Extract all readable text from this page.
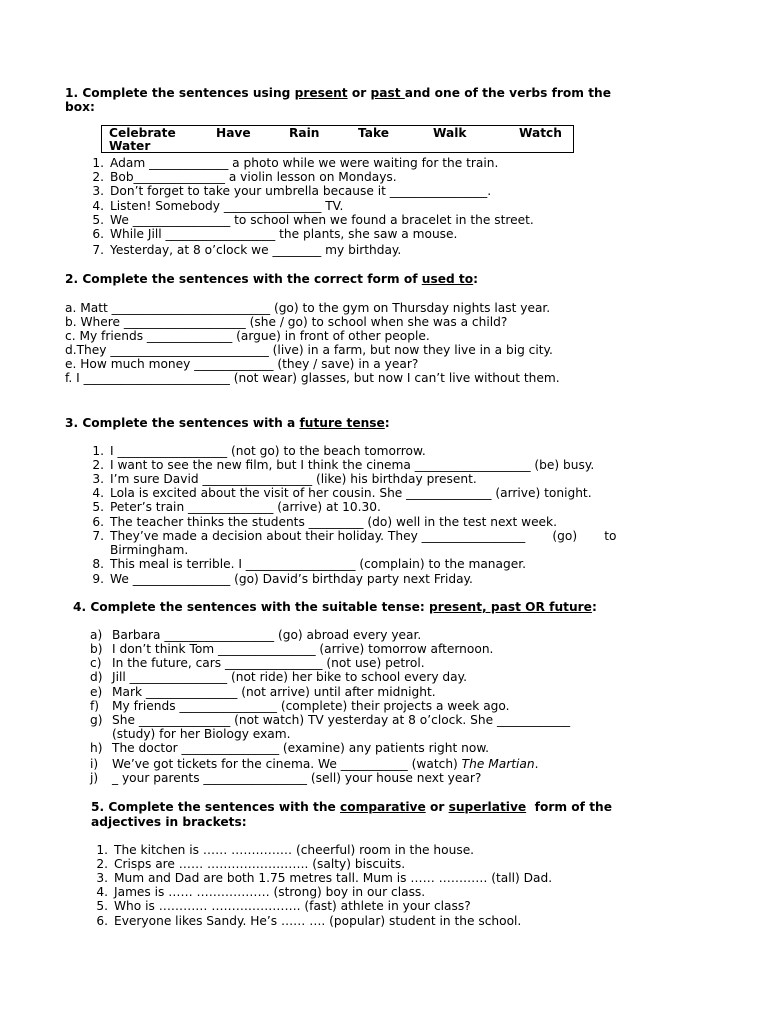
1. Complete the sentences using present or past and one of the verbs from the
box:
Celebrate	Have	Rain	Take	Walk	Watch
Water
1. Adam _____________ a photo while we were waiting for the train.
2. Bob_______________ a violin lesson on Mondays.
3. Don’t forget to take your umbrella because it ________________.
4. Listen! Somebody ________________ TV.
5. We ________________ to school when we found a bracelet in the street.
6. While Jill __________________ the plants, she saw a mouse.
7. Yesterday, at 8 o’clock we ________ my birthday.
2. Complete the sentences with the correct form of used to:
a. Matt __________________________ (go) to the gym on Thursday nights last year.
b. Where ____________________ (she / go) to school when she was a child?
c. My friends ______________ (argue) in front of other people.
d.They __________________________ (live) in a farm, but now they live in a big city.
e. How much money _____________ (they / save) in a year?
f. I ________________________ (not wear) glasses, but now I can’t live without them.
3. Complete the sentences with a future tense:
1. I __________________ (not go) to the beach tomorrow.
2. I want to see the new film, but I think the cinema ___________________ (be) busy.
3. I’m sure David __________________ (like) his birthday present.
4. Lola is excited about the visit of her cousin. She ______________ (arrive) tonight.
5. Peter’s train ______________ (arrive) at 10.30.
6. The teacher thinks the students _________ (do) well in the test next week.
7. They’ve made a decision about their holiday. They _________________       (go)       to
Birmingham.
8. This meal is terrible. I __________________ (complain) to the manager.
9. We ________________ (go) David’s birthday party next Friday.
4. Complete the sentences with the suitable tense: present, past OR future:
a) Barbara __________________ (go) abroad every year.
b) I don’t think Tom ________________ (arrive) tomorrow afternoon.
c) In the future, cars ________________ (not use) petrol.
d) Jill ________________ (not ride) her bike to school every day.
e) Mark _______________ (not arrive) until after midnight.
f) My friends ________________ (complete) their projects a week ago.
g) She _______________ (not watch) TV yesterday at 8 o’clock. She ____________
(study) for her Biology exam.
h) The doctor ________________ (examine) any patients right now.
i) We’ve got tickets for the cinema. We ___________ (watch) The Martian.
j) _ your parents _________________ (sell) your house next year?
5. Complete the sentences with the comparative or superlative  form of the
adjectives in brackets:
1. The kitchen is …… …………… (cheerful) room in the house.
2. Crisps are …… ……………………. (salty) biscuits.
3. Mum and Dad are both 1.75 metres tall. Mum is …… ………… (tall) Dad.
4. James is …… ……………… (strong) boy in our class.
5. Who is ………… …………………. (fast) athlete in your class?
6. Everyone likes Sandy. He’s …… …. (popular) student in the school.
